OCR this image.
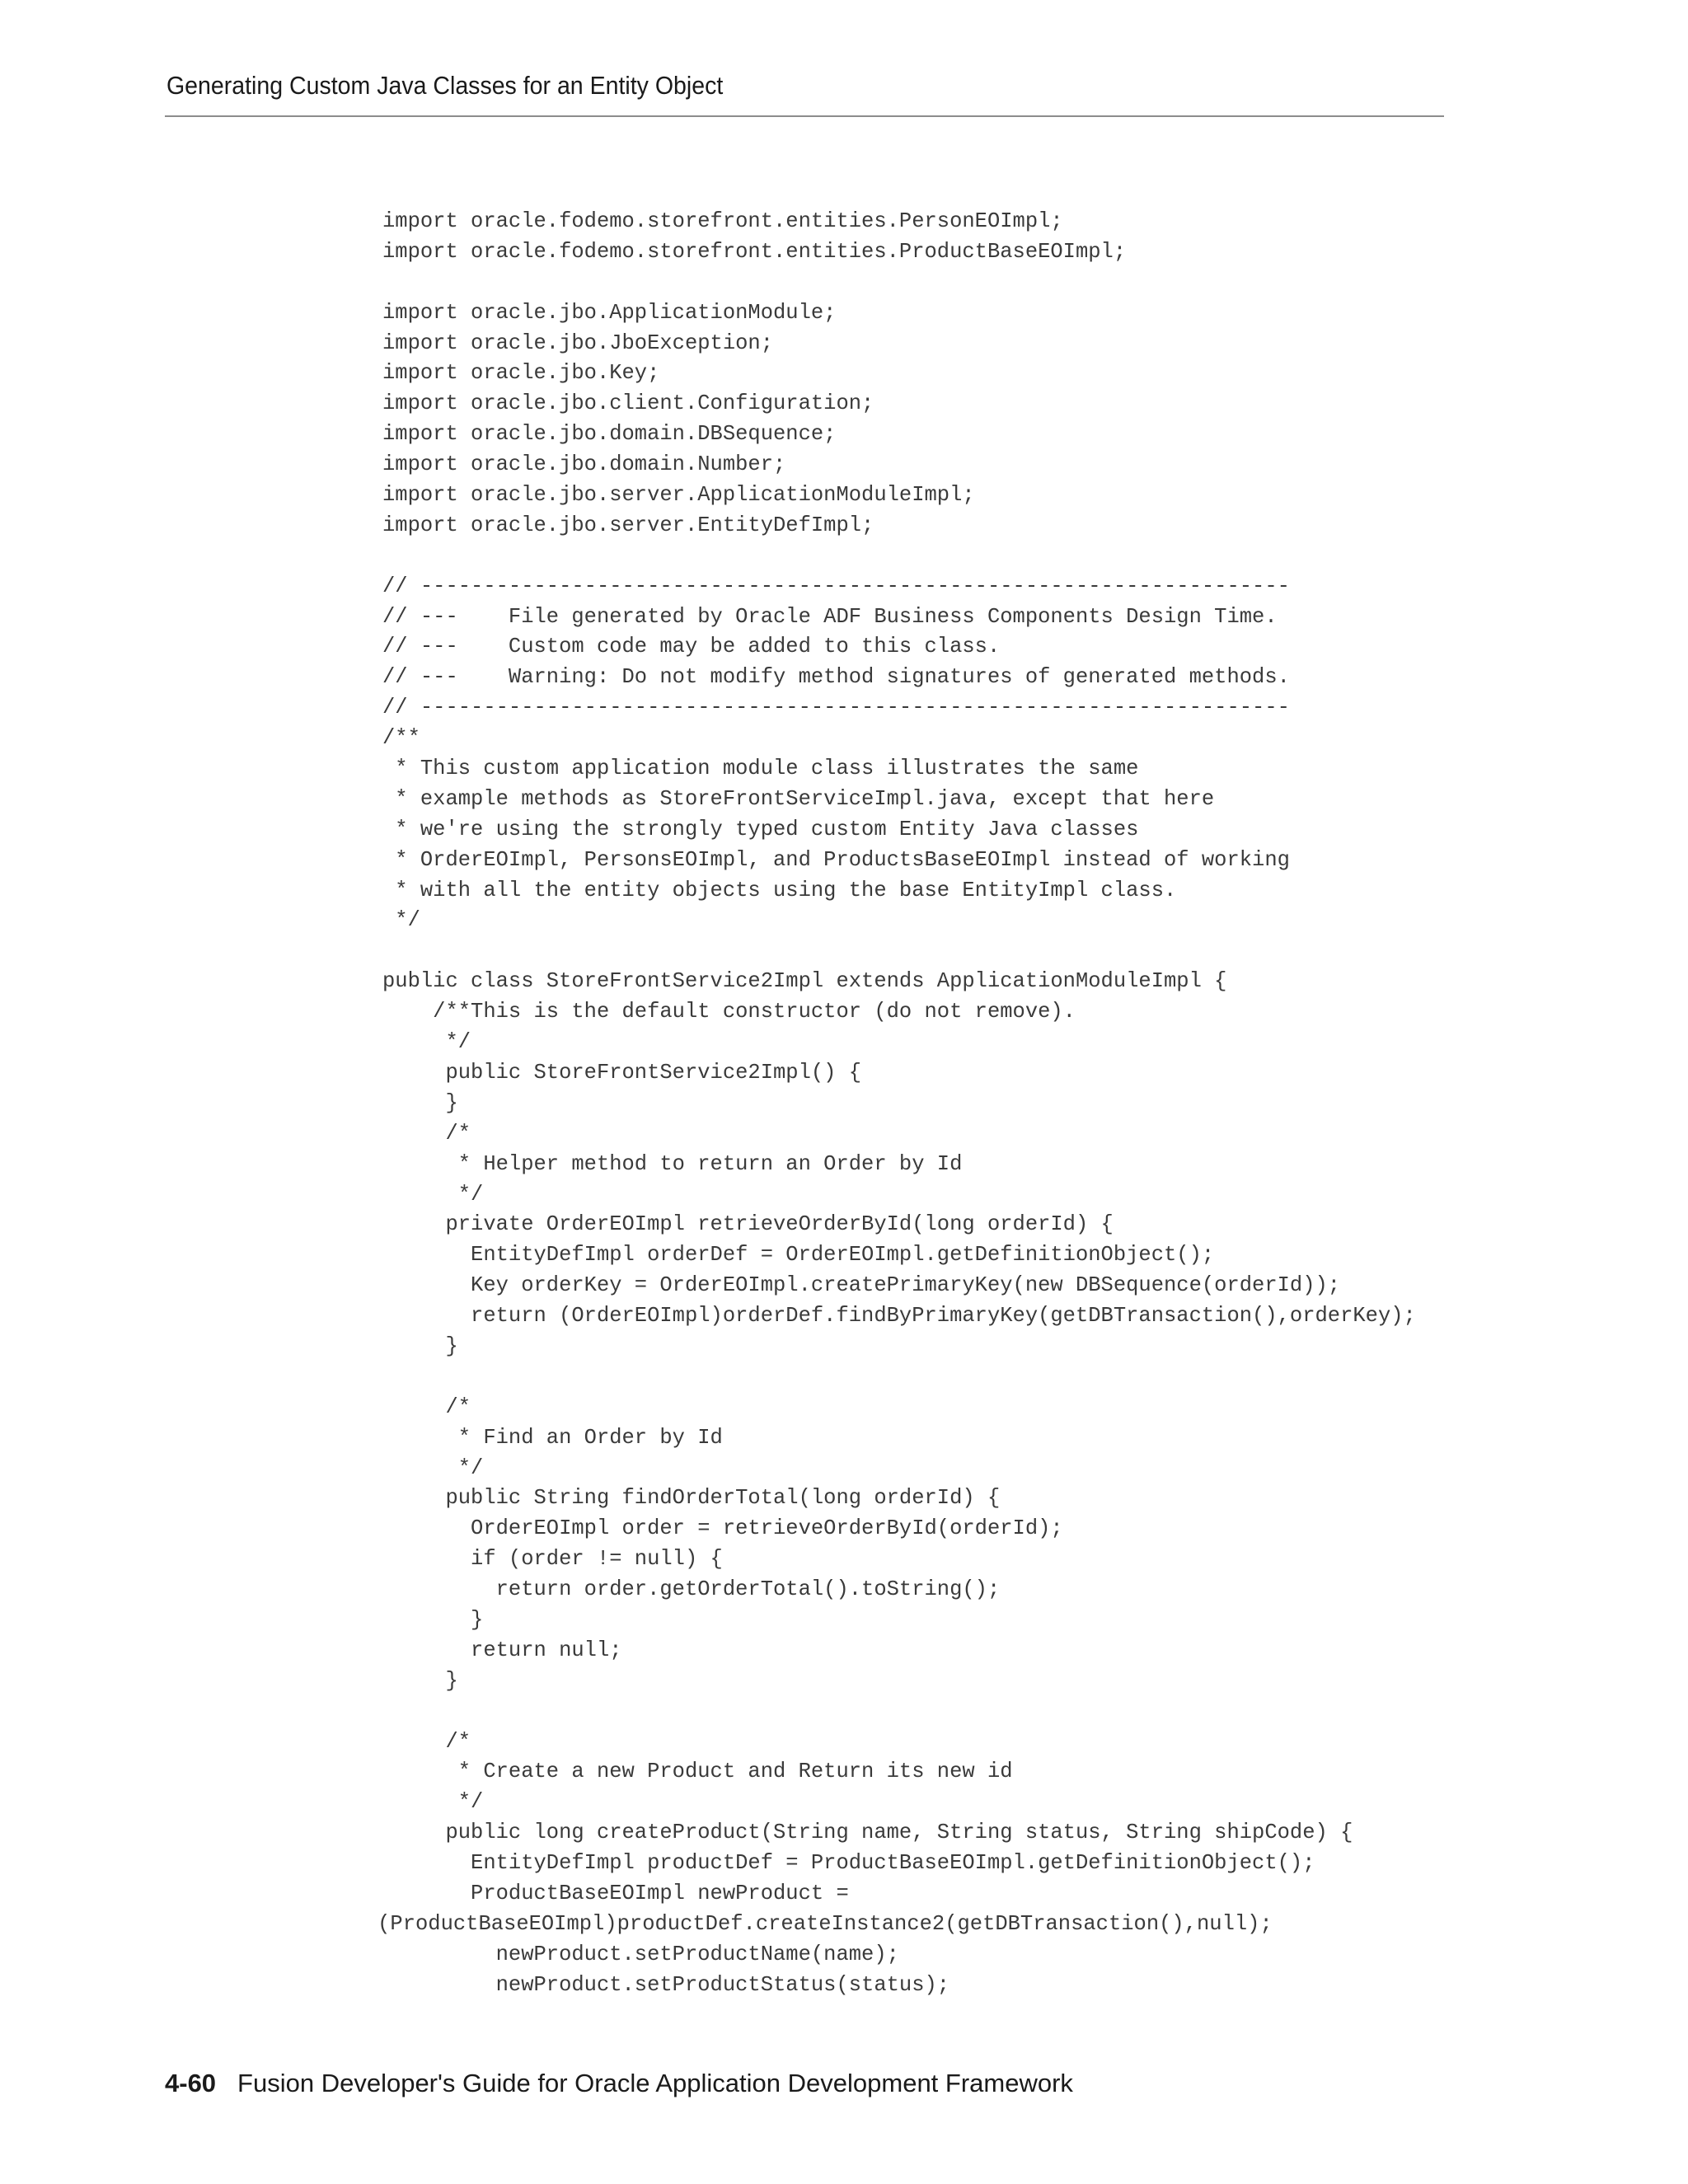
Generating Custom Java Classes for an Entity Object
import oracle.fodemo.storefront.entities.PersonEOImpl;
import oracle.fodemo.storefront.entities.ProductBaseEOImpl;
import oracle.jbo.ApplicationModule;
import oracle.jbo.JboException;
import oracle.jbo.Key;
import oracle.jbo.client.Configuration;
import oracle.jbo.domain.DBSequence;
import oracle.jbo.domain.Number;
import oracle.jbo.server.ApplicationModuleImpl;
import oracle.jbo.server.EntityDefImpl;
// ---------------------------------------------------------------------
// ---    File generated by Oracle ADF Business Components Design Time.
// ---    Custom code may be added to this class.
// ---    Warning: Do not modify method signatures of generated methods.
// ---------------------------------------------------------------------
/**
* This custom application module class illustrates the same
* example methods as StoreFrontServiceImpl.java, except that here
* we're using the strongly typed custom Entity Java classes
* OrderEOImpl, PersonsEOImpl, and ProductsBaseEOImpl instead of working
* with all the entity objects using the base EntityImpl class.
*/
public class StoreFrontService2Impl extends ApplicationModuleImpl {
/**This is the default constructor (do not remove).
*/
public StoreFrontService2Impl() {
}
/*
* Helper method to return an Order by Id
*/
private OrderEOImpl retrieveOrderById(long orderId) {
EntityDefImpl orderDef = OrderEOImpl.getDefinitionObject();
Key orderKey = OrderEOImpl.createPrimaryKey(new DBSequence(orderId));
return (OrderEOImpl)orderDef.findByPrimaryKey(getDBTransaction(),orderKey);
}
/*
* Find an Order by Id
*/
public String findOrderTotal(long orderId) {
OrderEOImpl order = retrieveOrderById(orderId);
if (order != null) {
return order.getOrderTotal().toString();
}
return null;
}
/*
* Create a new Product and Return its new id
*/
public long createProduct(String name, String status, String shipCode) {
EntityDefImpl productDef = ProductBaseEOImpl.getDefinitionObject();
ProductBaseEOImpl newProduct =
(ProductBaseEOImpl)productDef.createInstance2(getDBTransaction(),null);
newProduct.setProductName(name);
newProduct.setProductStatus(status);
4-60 Fusion Developer's Guide for Oracle Application Development Framework
